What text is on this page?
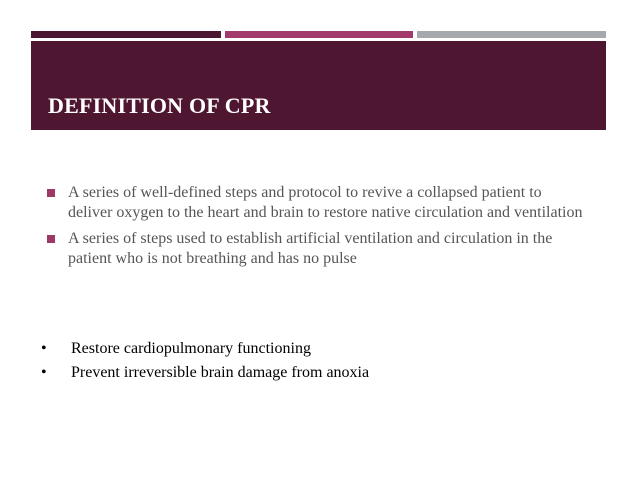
DEFINITION OF CPR
A series of well-defined steps and protocol to revive a collapsed patient to deliver oxygen to the heart and brain to restore native circulation and ventilation
A series of steps used to establish artificial ventilation and circulation in the patient who is not breathing and has no pulse
• Restore cardiopulmonary functioning
• Prevent irreversible brain damage from anoxia
